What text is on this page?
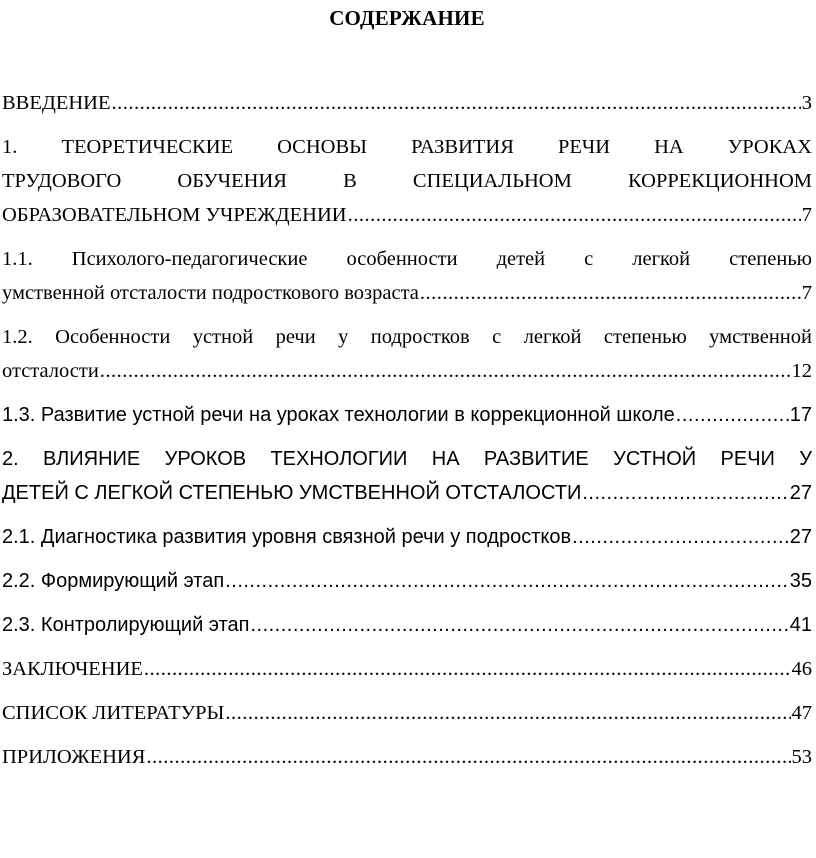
СОДЕРЖАНИЕ
ВВЕДЕНИЕ .....	3
1. ТЕОРЕТИЧЕСКИЕ ОСНОВЫ РАЗВИТИЯ РЕЧИ НА УРОКАХ
ТРУДОВОГО ОБУЧЕНИЯ В СПЕЦИАЛЬНОМ КОРРЕКЦИОННОМ
ОБРАЗОВАТЕЛЬНОМ УЧРЕЖДЕНИИ .....	7
1.1. Психолого-педагогические особенности детей с легкой степенью
умственной отсталости подросткового возраста .....	7
1.2. Особенности устной речи у подростков с легкой степенью умственной
отсталости .....	12
1.3. Развитие устной речи на уроках технологии в коррекционной школе .....	17
2. ВЛИЯНИЕ УРОКОВ ТЕХНОЛОГИИ НА РАЗВИТИЕ УСТНОЙ РЕЧИ У
ДЕТЕЙ С ЛЕГКОЙ СТЕПЕНЬЮ УМСТВЕННОЙ ОТСТАЛОСТИ .....	27
2.1. Диагностика развития уровня связной речи у подростков .....	27
2.2. Формирующий этап .....	35
2.3. Контролирующий этап .....	41
ЗАКЛЮЧЕНИЕ .....	46
СПИСОК ЛИТЕРАТУРЫ .....	47
ПРИЛОЖЕНИЯ .....	53
